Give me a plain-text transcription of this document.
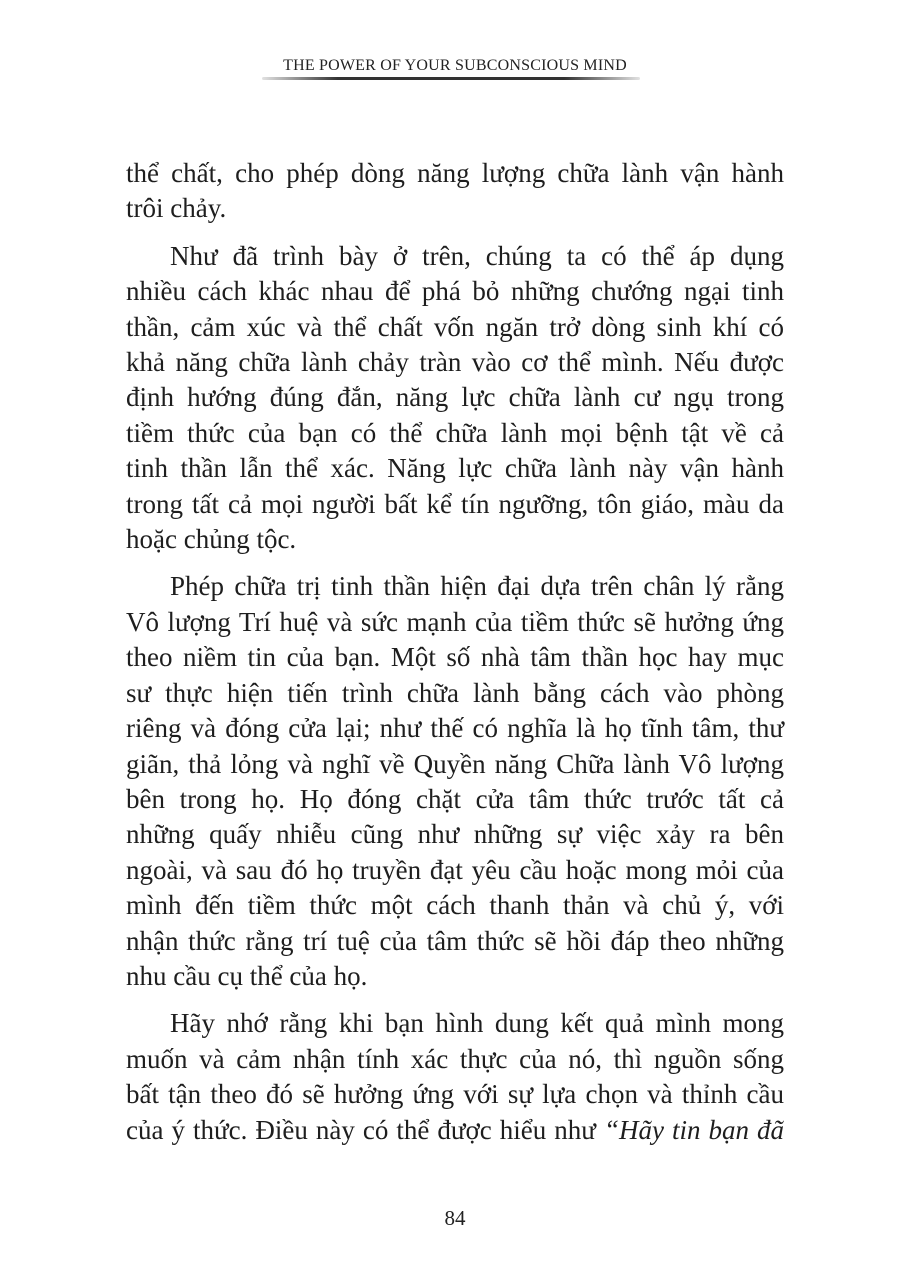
THE POWER OF YOUR SUBCONSCIOUS MIND
thể chất, cho phép dòng năng lượng chữa lành vận hành
trôi chảy.
Như đã trình bày ở trên, chúng ta có thể áp dụng
nhiều cách khác nhau để phá bỏ những chướng ngại tinh
thần, cảm xúc và thể chất vốn ngăn trở dòng sinh khí có
khả năng chữa lành chảy tràn vào cơ thể mình. Nếu được
định hướng đúng đắn, năng lực chữa lành cư ngụ trong
tiềm thức của bạn có thể chữa lành mọi bệnh tật về cả
tinh thần lẫn thể xác. Năng lực chữa lành này vận hành
trong tất cả mọi người bất kể tín ngưỡng, tôn giáo, màu da
hoặc chủng tộc.
Phép chữa trị tinh thần hiện đại dựa trên chân lý rằng
Vô lượng Trí huệ và sức mạnh của tiềm thức sẽ hưởng ứng
theo niềm tin của bạn. Một số nhà tâm thần học hay mục
sư thực hiện tiến trình chữa lành bằng cách vào phòng
riêng và đóng cửa lại; như thế có nghĩa là họ tĩnh tâm, thư
giãn, thả lỏng và nghĩ về Quyền năng Chữa lành Vô lượng
bên trong họ. Họ đóng chặt cửa tâm thức trước tất cả
những quấy nhiễu cũng như những sự việc xảy ra bên
ngoài, và sau đó họ truyền đạt yêu cầu hoặc mong mỏi của
mình đến tiềm thức một cách thanh thản và chủ ý, với
nhận thức rằng trí tuệ của tâm thức sẽ hồi đáp theo những
nhu cầu cụ thể của họ.
Hãy nhớ rằng khi bạn hình dung kết quả mình mong
muốn và cảm nhận tính xác thực của nó, thì nguồn sống
bất tận theo đó sẽ hưởng ứng với sự lựa chọn và thỉnh cầu
của ý thức. Điều này có thể được hiểu như “Hãy tin bạn đã
84
